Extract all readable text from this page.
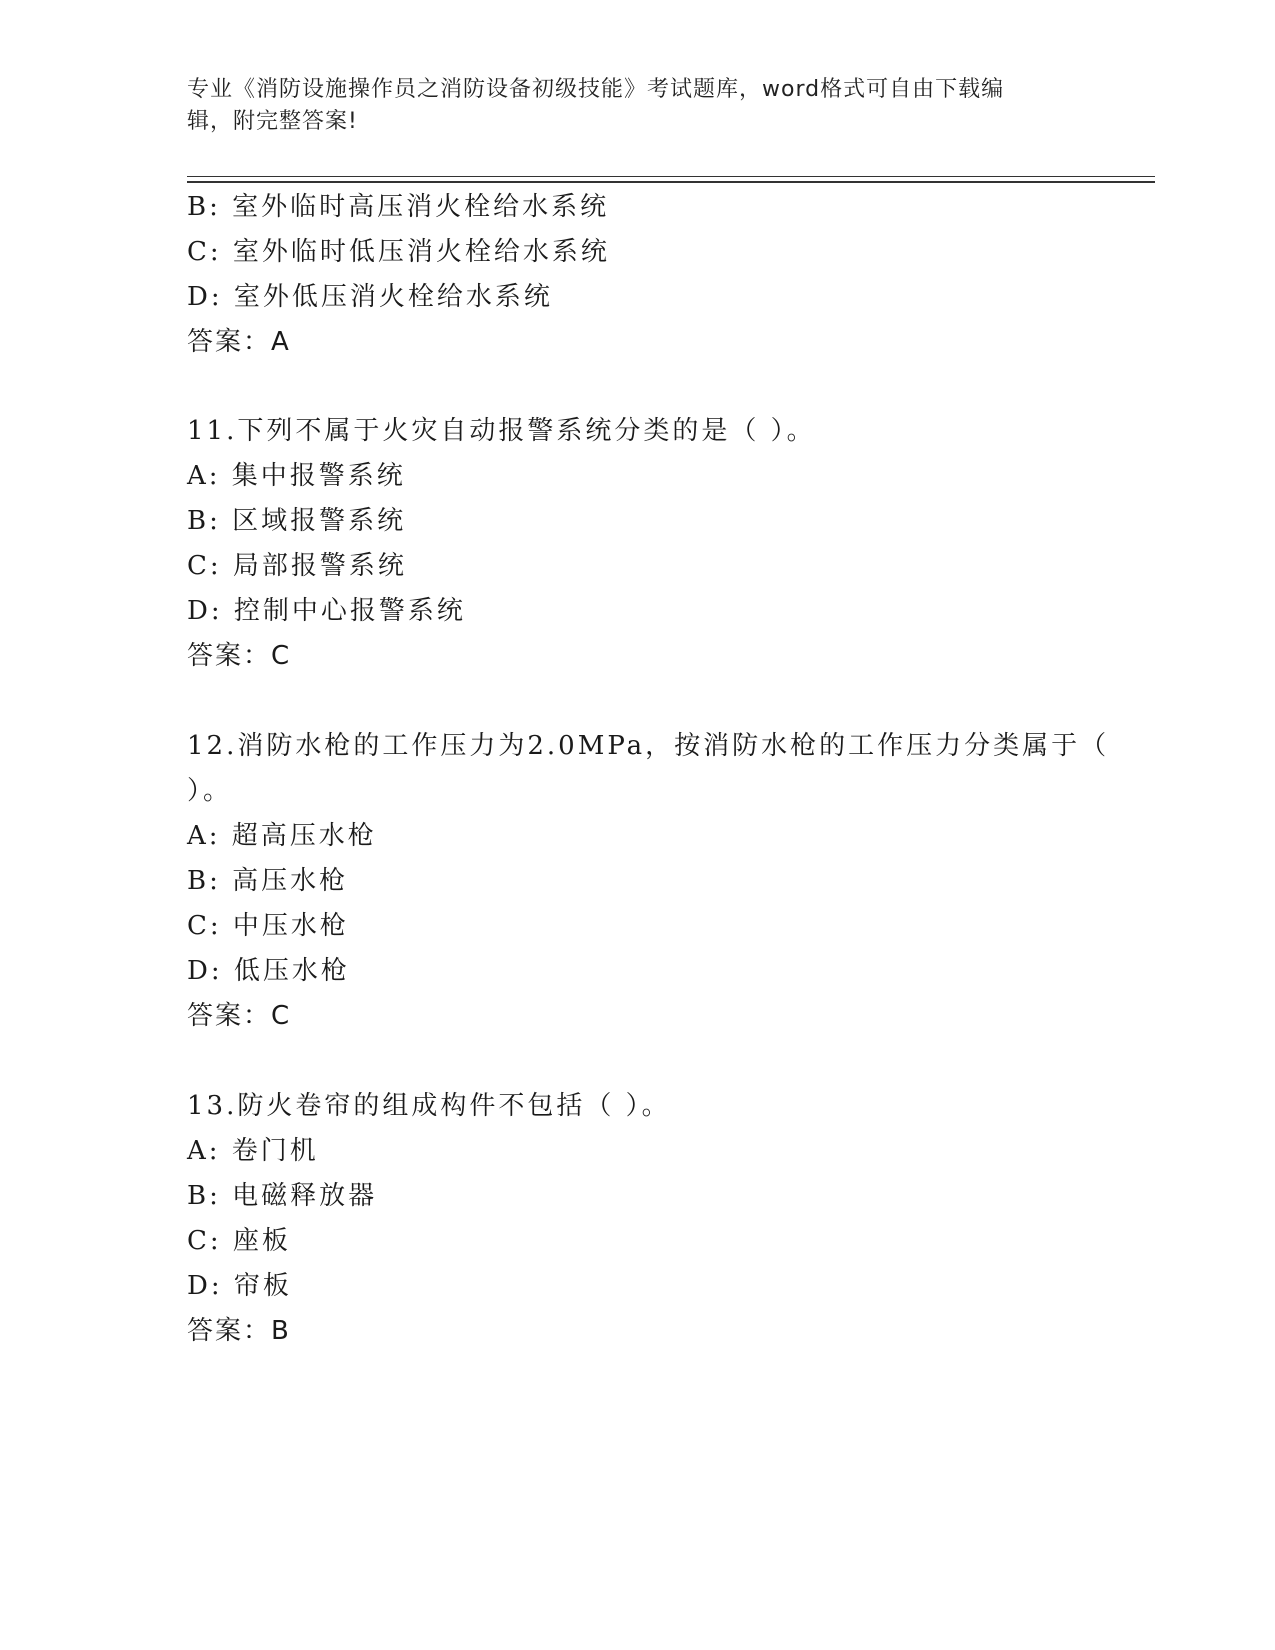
专业《消防设施操作员之消防设备初级技能》考试题库，word格式可自由下载编
辑，附完整答案!
B: 室外临时高压消火栓给水系统
C: 室外临时低压消火栓给水系统
D: 室外低压消火栓给水系统
答案：A
11.下列不属于火灾自动报警系统分类的是（ ）。
A: 集中报警系统
B: 区域报警系统
C: 局部报警系统
D: 控制中心报警系统
答案：C
12.消防水枪的工作压力为2.0MPa，按消防水枪的工作压力分类属于（
）。
A: 超高压水枪
B: 高压水枪
C: 中压水枪
D: 低压水枪
答案：C
13.防火卷帘的组成构件不包括（ ）。
A: 卷门机
B: 电磁释放器
C: 座板
D: 帘板
答案：B
